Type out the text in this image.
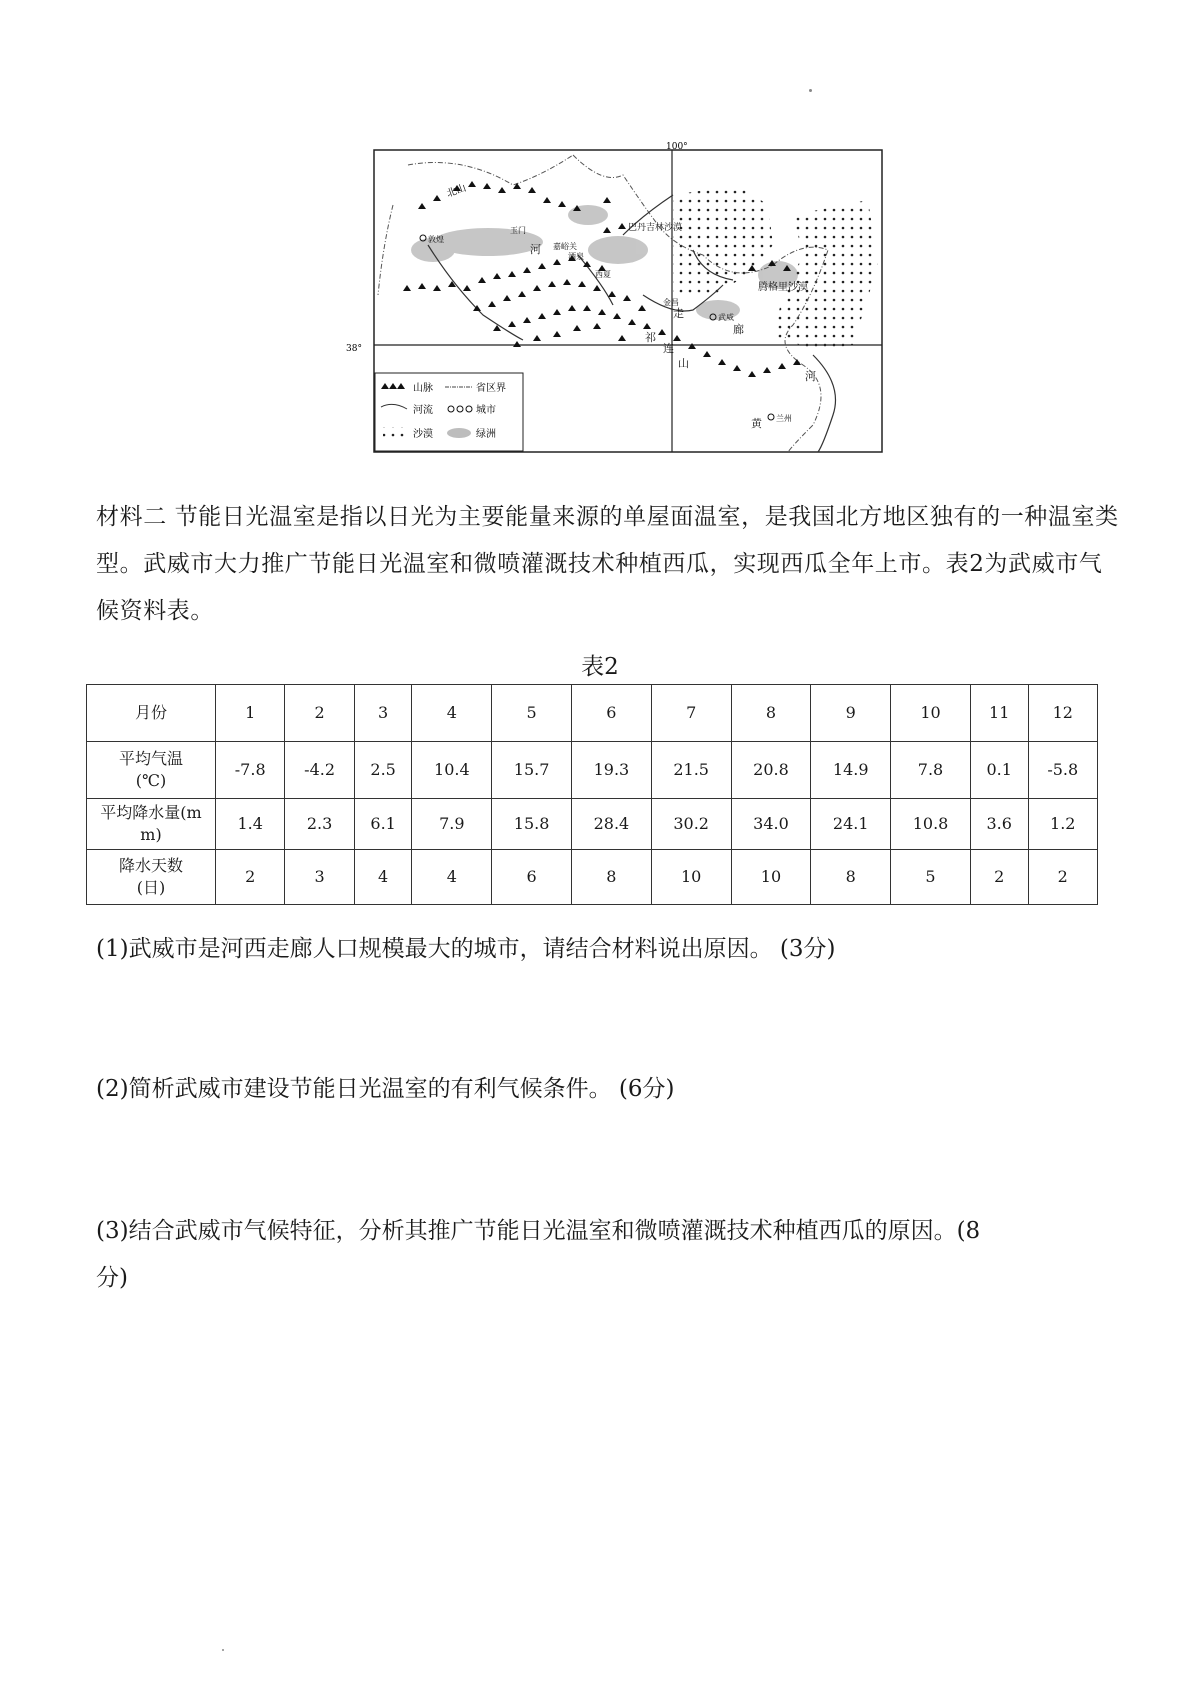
100°
38°
北山
敦煌
玉门
河 嘉峪关
酒泉
巴丹吉林沙漠
西夏
金昌
走	武威
腾格里沙漠
廊
祁
连
山
河
黄 兰州
山脉	省区界
河流	城市
沙漠	绿洲

材料二 节能日光温室是指以日光为主要能量来源的单屋面温室，是我国北方地区独有的一种温室类型。武威市大力推广节能日光温室和微喷灌溉技术种植西瓜，实现西瓜全年上市。表2为武威市气候资料表。

表2
月份	1	2	3	4	5	6	7	8	9	10	11	12
平均气温
(℃)	-7.8	-4.2	2.5	10.4	15.7	19.3	21.5	20.8	14.9	7.8	0.1	-5.8
平均降水量(m
m)	1.4	2.3	6.1	7.9	15.8	28.4	30.2	34.0	24.1	10.8	3.6	1.2
降水天数
(日)	2	3	4	4	6	8	10	10	8	5	2	2

(1)武威市是河西走廊人口规模最大的城市，请结合材料说出原因。 (3分)

(2)简析武威市建设节能日光温室的有利气候条件。 (6分)

(3)结合武威市气候特征，分析其推广节能日光温室和微喷灌溉技术种植西瓜的原因。(8

分)
